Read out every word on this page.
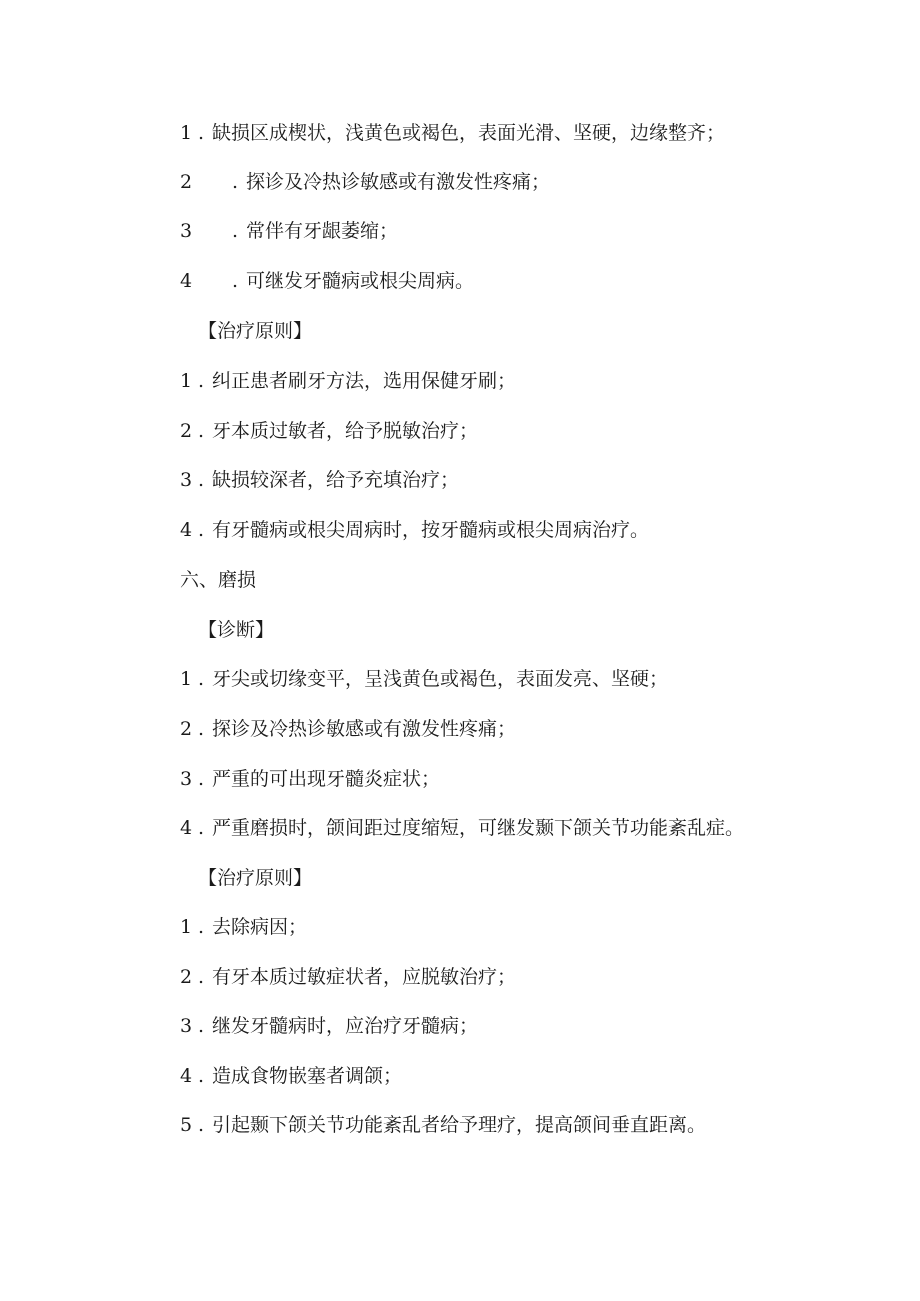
1 . 缺损区成楔状，浅黄色或褐色，表面光滑、坚硬，边缘整齐；
2 . 探诊及冷热诊敏感或有激发性疼痛；
3 . 常伴有牙龈萎缩；
4 . 可继发牙髓病或根尖周病。
【治疗原则】
1 . 纠正患者刷牙方法，选用保健牙刷；
2 . 牙本质过敏者，给予脱敏治疗；
3 . 缺损较深者，给予充填治疗；
4 . 有牙髓病或根尖周病时，按牙髓病或根尖周病治疗。
六、磨损
【诊断】
1 . 牙尖或切缘变平，呈浅黄色或褐色，表面发亮、坚硬；
2 . 探诊及冷热诊敏感或有激发性疼痛；
3 . 严重的可出现牙髓炎症状；
4 . 严重磨损时，颌间距过度缩短，可继发颞下颌关节功能紊乱症。
【治疗原则】
1 . 去除病因；
2 . 有牙本质过敏症状者，应脱敏治疗；
3 . 继发牙髓病时，应治疗牙髓病；
4 . 造成食物嵌塞者调颌；
5 . 引起颞下颌关节功能紊乱者给予理疗，提高颌间垂直距离。
